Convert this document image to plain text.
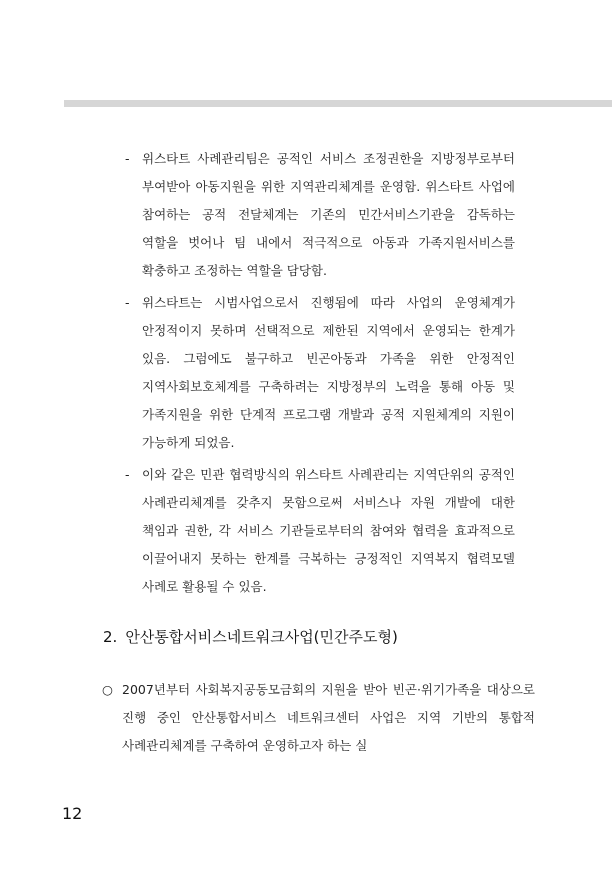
- 위스타트 사례관리팀은 공적인 서비스 조정권한을 지방정부로부터 부여받아 아동지원을 위한 지역관리체계를 운영함. 위스타트 사업에 참여하는 공적 전달체계는 기존의 민간서비스기관을 감독하는 역할을 벗어나 팀 내에서 적극적으로 아동과 가족지원서비스를 확충하고 조정하는 역할을 담당함.
- 위스타트는 시범사업으로서 진행됨에 따라 사업의 운영체계가 안정적이지 못하며 선택적으로 제한된 지역에서 운영되는 한계가 있음. 그럼에도 불구하고 빈곤아동과 가족을 위한 안정적인 지역사회보호체계를 구축하려는 지방정부의 노력을 통해 아동 및 가족지원을 위한 단계적 프로그램 개발과 공적 지원체계의 지원이 가능하게 되었음.
- 이와 같은 민관 협력방식의 위스타트 사례관리는 지역단위의 공적인 사례관리체계를 갖추지 못함으로써 서비스나 자원 개발에 대한 책임과 권한, 각 서비스 기관들로부터의 참여와 협력을 효과적으로 이끌어내지 못하는 한계를 극복하는 긍정적인 지역복지 협력모델 사례로 활용될 수 있음.
2. 안산통합서비스네트워크사업(민간주도형)

○ 2007년부터 사회복지공동모금회의 지원을 받아 빈곤·위기가족을 대상으로 진행 중인 안산통합서비스 네트워크센터 사업은 지역 기반의 통합적 사례관리체계를 구축하여 운영하고자 하는 실

12
